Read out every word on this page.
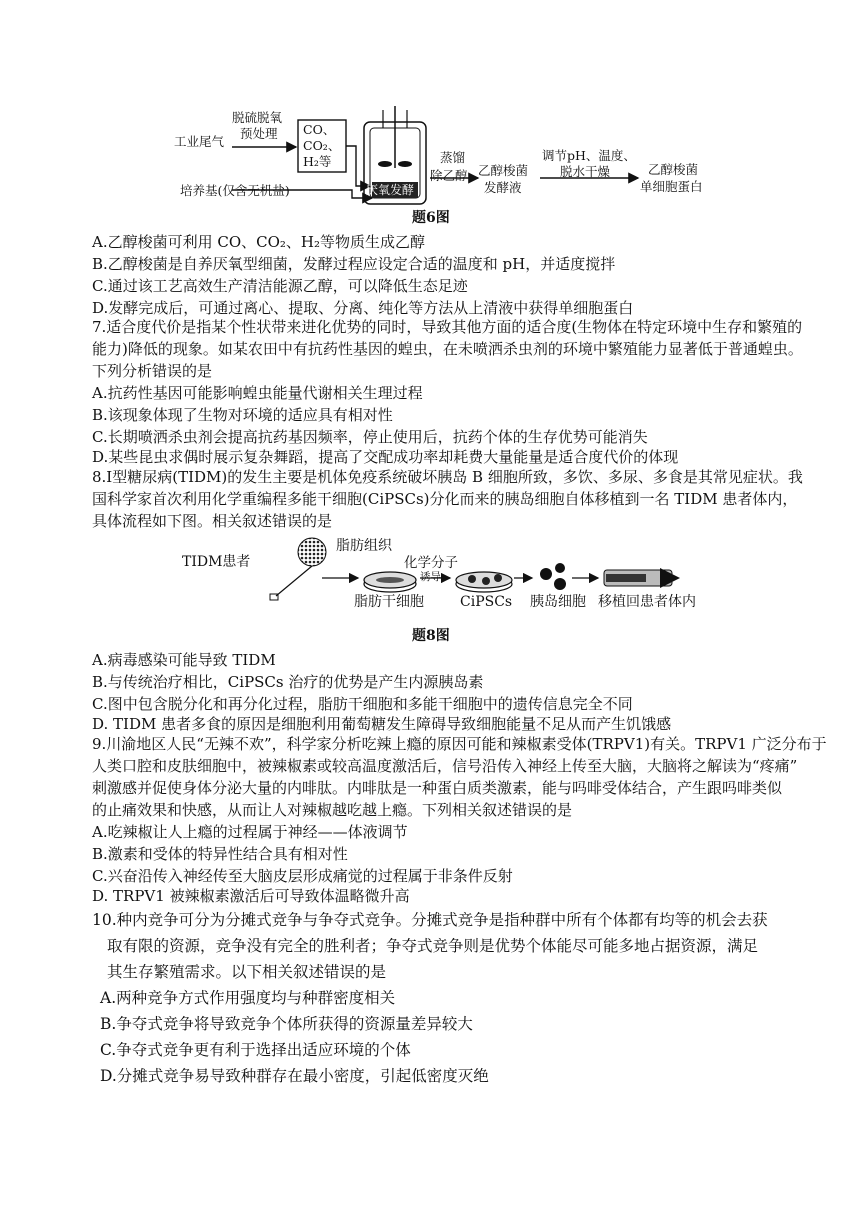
脱硫脱氧
预处理
工业尾气
CO、
CO₂、
H₂等
培养基(仅含无机盐)	厌氧发酵
蒸馏
除乙醇 乙醇梭菌
发酵液
调节pH、温度、
脱水干燥	乙醇梭菌
单细胞蛋白
题6图
A.乙醇梭菌可利用 CO、CO₂、H₂等物质生成乙醇
B.乙醇梭菌是自养厌氧型细菌，发酵过程应设定合适的温度和 pH，并适度搅拌
C.通过该工艺高效生产清洁能源乙醇，可以降低生态足迹
D.发酵完成后，可通过离心、提取、分离、纯化等方法从上清液中获得单细胞蛋白
7.适合度代价是指某个性状带来进化优势的同时，导致其他方面的适合度(生物体在特定环境中生存和繁殖的
能力)降低的现象。如某农田中有抗药性基因的蝗虫，在未喷洒杀虫剂的环境中繁殖能力显著低于普通蝗虫。
下列分析错误的是
A.抗药性基因可能影响蝗虫能量代谢相关生理过程
B.该现象体现了生物对环境的适应具有相对性
C.长期喷洒杀虫剂会提高抗药基因频率，停止使用后，抗药个体的生存优势可能消失
D.某些昆虫求偶时展示复杂舞蹈，提高了交配成功率却耗费大量能量是适合度代价的体现
8.Ⅰ型糖尿病(TIDM)的发生主要是机体免疫系统破坏胰岛 B 细胞所致，多饮、多尿、多食是其常见症状。我
国科学家首次利用化学重编程多能干细胞(CiPSCs)分化而来的胰岛细胞自体移植到一名 TIDM 患者体内，
具体流程如下图。相关叙述错误的是
TIDM患者
脂肪组织
化学分子
诱导
脂肪干细胞	CiPSCs 胰岛细胞 移植回患者体内
题8图
A.病毒感染可能导致 TIDM
B.与传统治疗相比，CiPSCs 治疗的优势是产生内源胰岛素
C.图中包含脱分化和再分化过程，脂肪干细胞和多能干细胞中的遗传信息完全不同
D. TIDM 患者多食的原因是细胞利用葡萄糖发生障碍导致细胞能量不足从而产生饥饿感
9.川渝地区人民“无辣不欢”，科学家分析吃辣上瘾的原因可能和辣椒素受体(TRPV1)有关。TRPV1 广泛分布于
人类口腔和皮肤细胞中，被辣椒素或较高温度激活后，信号沿传入神经上传至大脑，大脑将之解读为“疼痛”
刺激感并促使身体分泌大量的内啡肽。内啡肽是一种蛋白质类激素，能与吗啡受体结合，产生跟吗啡类似
的止痛效果和快感，从而让人对辣椒越吃越上瘾。下列相关叙述错误的是
A.吃辣椒让人上瘾的过程属于神经——体液调节
B.激素和受体的特异性结合具有相对性
C.兴奋沿传入神经传至大脑皮层形成痛觉的过程属于非条件反射
D. TRPV1 被辣椒素激活后可导致体温略微升高
10.种内竞争可分为分摊式竞争与争夺式竞争。分摊式竞争是指种群中所有个体都有均等的机会去获
取有限的资源，竞争没有完全的胜利者；争夺式竞争则是优势个体能尽可能多地占据资源，满足
其生存繁殖需求。以下相关叙述错误的是
A.两种竞争方式作用强度均与种群密度相关
B.争夺式竞争将导致竞争个体所获得的资源量差异较大
C.争夺式竞争更有利于选择出适应环境的个体
D.分摊式竞争易导致种群存在最小密度，引起低密度灭绝
